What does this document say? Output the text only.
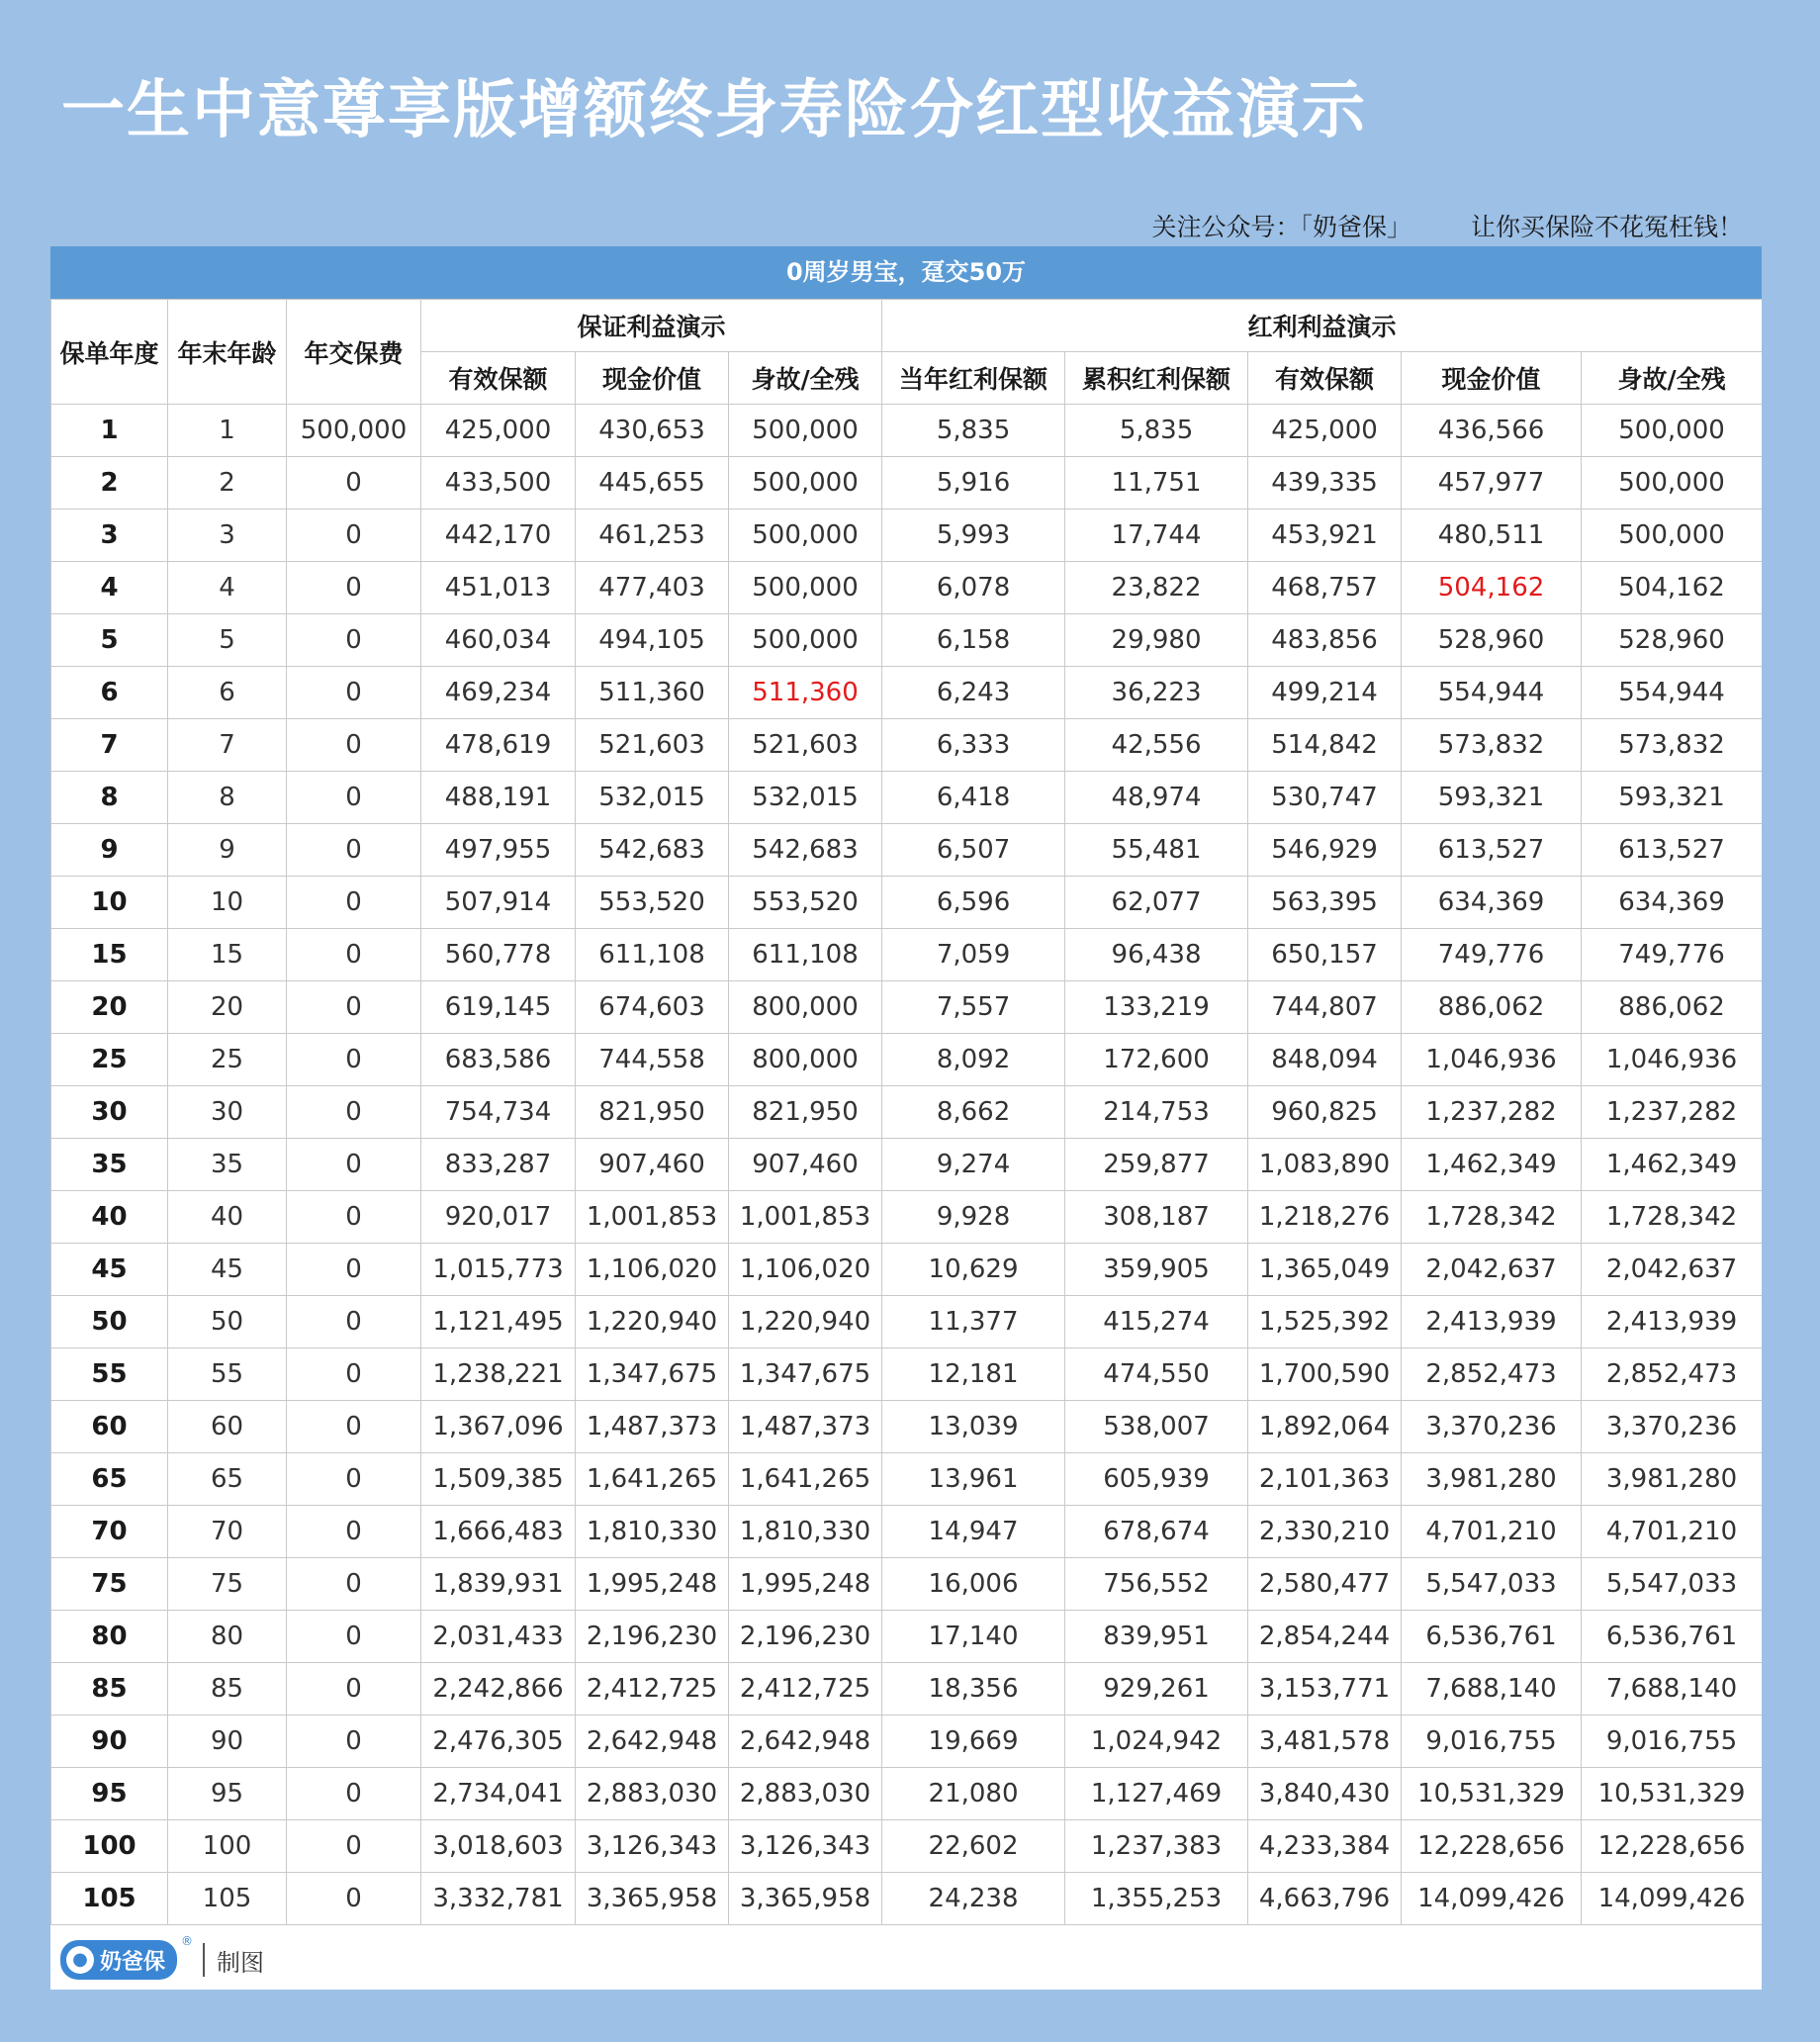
一生中意尊享版增额终身寿险分红型收益演示
关注公众号：「奶爸保」 让你买保险不花冤枉钱！
0周岁男宝，趸交50万
保单年度	年末年龄	年交保费	保证利益演示			红利利益演示				
			有效保额	现金价值	身故/全残	当年红利保额	累积红利保额	有效保额	现金价值	身故/全残
1	1	500,000	425,000	430,653	500,000	5,835	5,835	425,000	436,566	500,000
2	2	0	433,500	445,655	500,000	5,916	11,751	439,335	457,977	500,000
3	3	0	442,170	461,253	500,000	5,993	17,744	453,921	480,511	500,000
4	4	0	451,013	477,403	500,000	6,078	23,822	468,757	504,162	504,162
5	5	0	460,034	494,105	500,000	6,158	29,980	483,856	528,960	528,960
6	6	0	469,234	511,360	511,360	6,243	36,223	499,214	554,944	554,944
7	7	0	478,619	521,603	521,603	6,333	42,556	514,842	573,832	573,832
8	8	0	488,191	532,015	532,015	6,418	48,974	530,747	593,321	593,321
9	9	0	497,955	542,683	542,683	6,507	55,481	546,929	613,527	613,527
10	10	0	507,914	553,520	553,520	6,596	62,077	563,395	634,369	634,369
15	15	0	560,778	611,108	611,108	7,059	96,438	650,157	749,776	749,776
20	20	0	619,145	674,603	800,000	7,557	133,219	744,807	886,062	886,062
25	25	0	683,586	744,558	800,000	8,092	172,600	848,094	1,046,936	1,046,936
30	30	0	754,734	821,950	821,950	8,662	214,753	960,825	1,237,282	1,237,282
35	35	0	833,287	907,460	907,460	9,274	259,877	1,083,890	1,462,349	1,462,349
40	40	0	920,017	1,001,853	1,001,853	9,928	308,187	1,218,276	1,728,342	1,728,342
45	45	0	1,015,773	1,106,020	1,106,020	10,629	359,905	1,365,049	2,042,637	2,042,637
50	50	0	1,121,495	1,220,940	1,220,940	11,377	415,274	1,525,392	2,413,939	2,413,939
55	55	0	1,238,221	1,347,675	1,347,675	12,181	474,550	1,700,590	2,852,473	2,852,473
60	60	0	1,367,096	1,487,373	1,487,373	13,039	538,007	1,892,064	3,370,236	3,370,236
65	65	0	1,509,385	1,641,265	1,641,265	13,961	605,939	2,101,363	3,981,280	3,981,280
70	70	0	1,666,483	1,810,330	1,810,330	14,947	678,674	2,330,210	4,701,210	4,701,210
75	75	0	1,839,931	1,995,248	1,995,248	16,006	756,552	2,580,477	5,547,033	5,547,033
80	80	0	2,031,433	2,196,230	2,196,230	17,140	839,951	2,854,244	6,536,761	6,536,761
85	85	0	2,242,866	2,412,725	2,412,725	18,356	929,261	3,153,771	7,688,140	7,688,140
90	90	0	2,476,305	2,642,948	2,642,948	19,669	1,024,942	3,481,578	9,016,755	9,016,755
95	95	0	2,734,041	2,883,030	2,883,030	21,080	1,127,469	3,840,430	10,531,329	10,531,329
100	100	0	3,018,603	3,126,343	3,126,343	22,602	1,237,383	4,233,384	12,228,656	12,228,656
105	105	0	3,332,781	3,365,958	3,365,958	24,238	1,355,253	4,663,796	14,099,426	14,099,426
● 奶爸保
®
制图
